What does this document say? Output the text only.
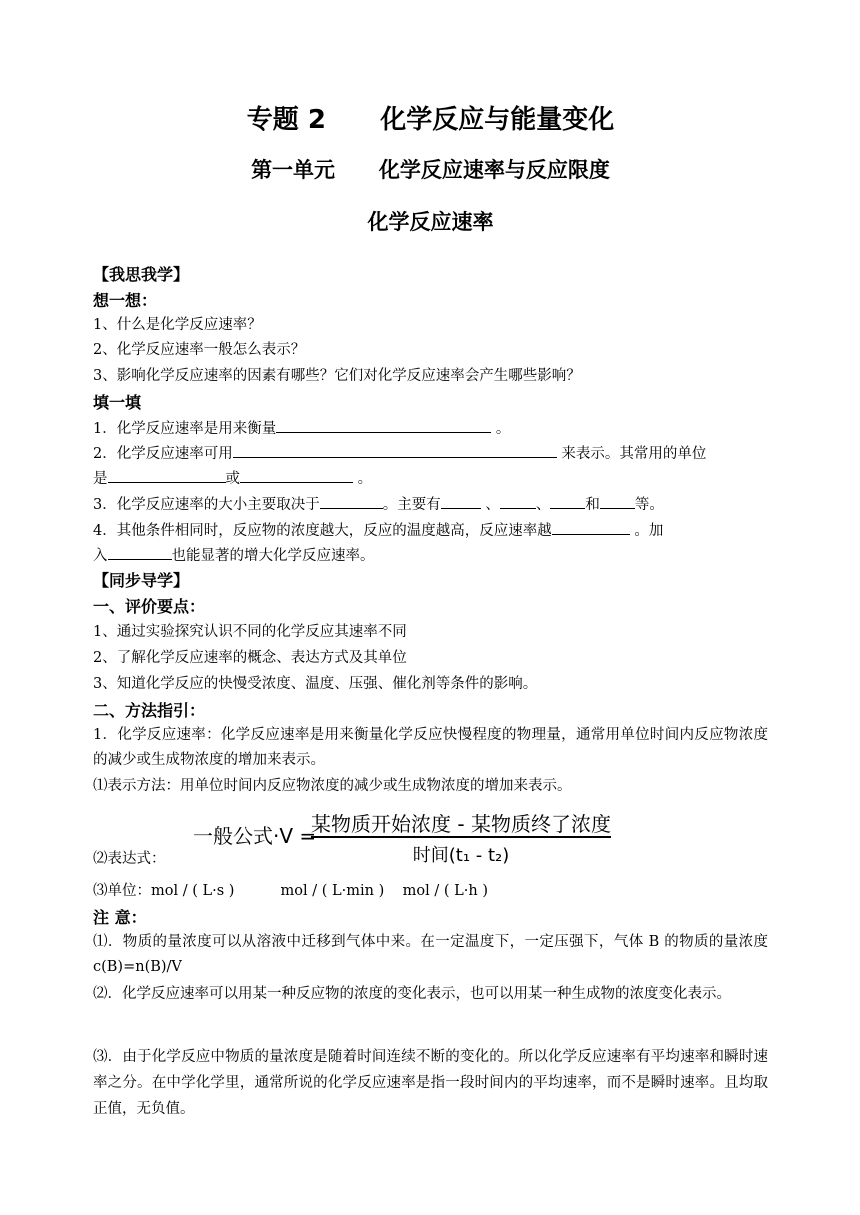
专题 2      化学反应与能量变化
第一单元      化学反应速率与反应限度
化学反应速率
【我思我学】
想一想：
1、什么是化学反应速率？
2、化学反应速率一般怎么表示？
3、影响化学反应速率的因素有哪些？它们对化学反应速率会产生哪些影响？
填一填
1．化学反应速率是用来衡量	。
2．化学反应速率可用	来表示。其常用的单位
是	或	。
3．化学反应速率的大小主要取决于	。主要有	、 、 和 等。
4．其他条件相同时，反应物的浓度越大，反应的温度越高，反应速率越	。加
入	也能显著的增大化学反应速率。
【同步导学】
一、评价要点：
1、通过实验探究认识不同的化学反应其速率不同
2、了解化学反应速率的概念、表达方式及其单位
3、知道化学反应的快慢受浓度、温度、压强、催化剂等条件的影响。
二、方法指引：
1．化学反应速率：化学反应速率是用来衡量化学反应快慢程度的物理量，通常用单位时间内反应物浓度的减少或生成物浓度的增加来表示。
⑴表示方法：用单位时间内反应物浓度的减少或生成物浓度的增加来表示。
⑵表达式：
一般公式·V =
某物质开始浓度 - 某物质终了浓度
时间(t₁ - t₂)
⑶单位：mol / ( L·s )          mol / ( L·min )    mol / ( L·h )
注 意：
⑴．物质的量浓度可以从溶液中迁移到气体中来。在一定温度下，一定压强下，气体 B 的物质的量浓度 c(B)=n(B)/V
⑵．化学反应速率可以用某一种反应物的浓度的变化表示，也可以用某一种生成物的浓度变化表示。
⑶．由于化学反应中物质的量浓度是随着时间连续不断的变化的。所以化学反应速率有平均速率和瞬时速率之分。在中学化学里，通常所说的化学反应速率是指一段时间内的平均速率，而不是瞬时速率。且均取正值，无负值。
